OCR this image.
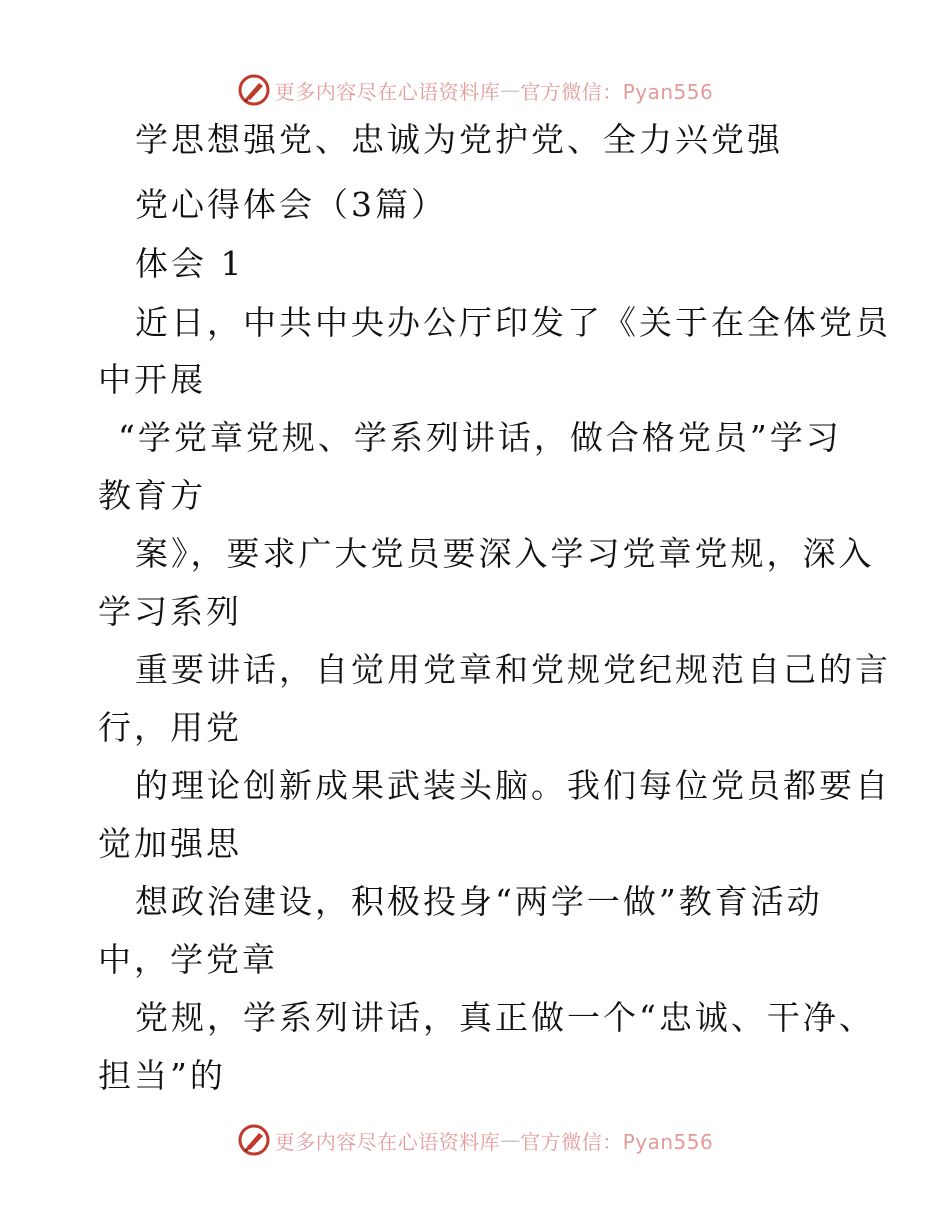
更多内容尽在心语资料库 — 官方微信：Pyan556
学思想强党、忠诚为党护党、全力兴党强
党心得体会（3篇）
体会 1
近日，中共中央办公厅印发了《关于在全体党员
中开展
“学党章党规、学系列讲话，做合格党员”学习
教育方
案》，要求广大党员要深入学习党章党规，深入
学习系列
重要讲话，自觉用党章和党规党纪规范自己的言
行，用党
的理论创新成果武装头脑。我们每位党员都要自
觉加强思
想政治建设，积极投身“两学一做”教育活动
中，学党章
党规，学系列讲话，真正做一个“忠诚、干净、
担当”的
更多内容尽在心语资料库 — 官方微信：Pyan556
